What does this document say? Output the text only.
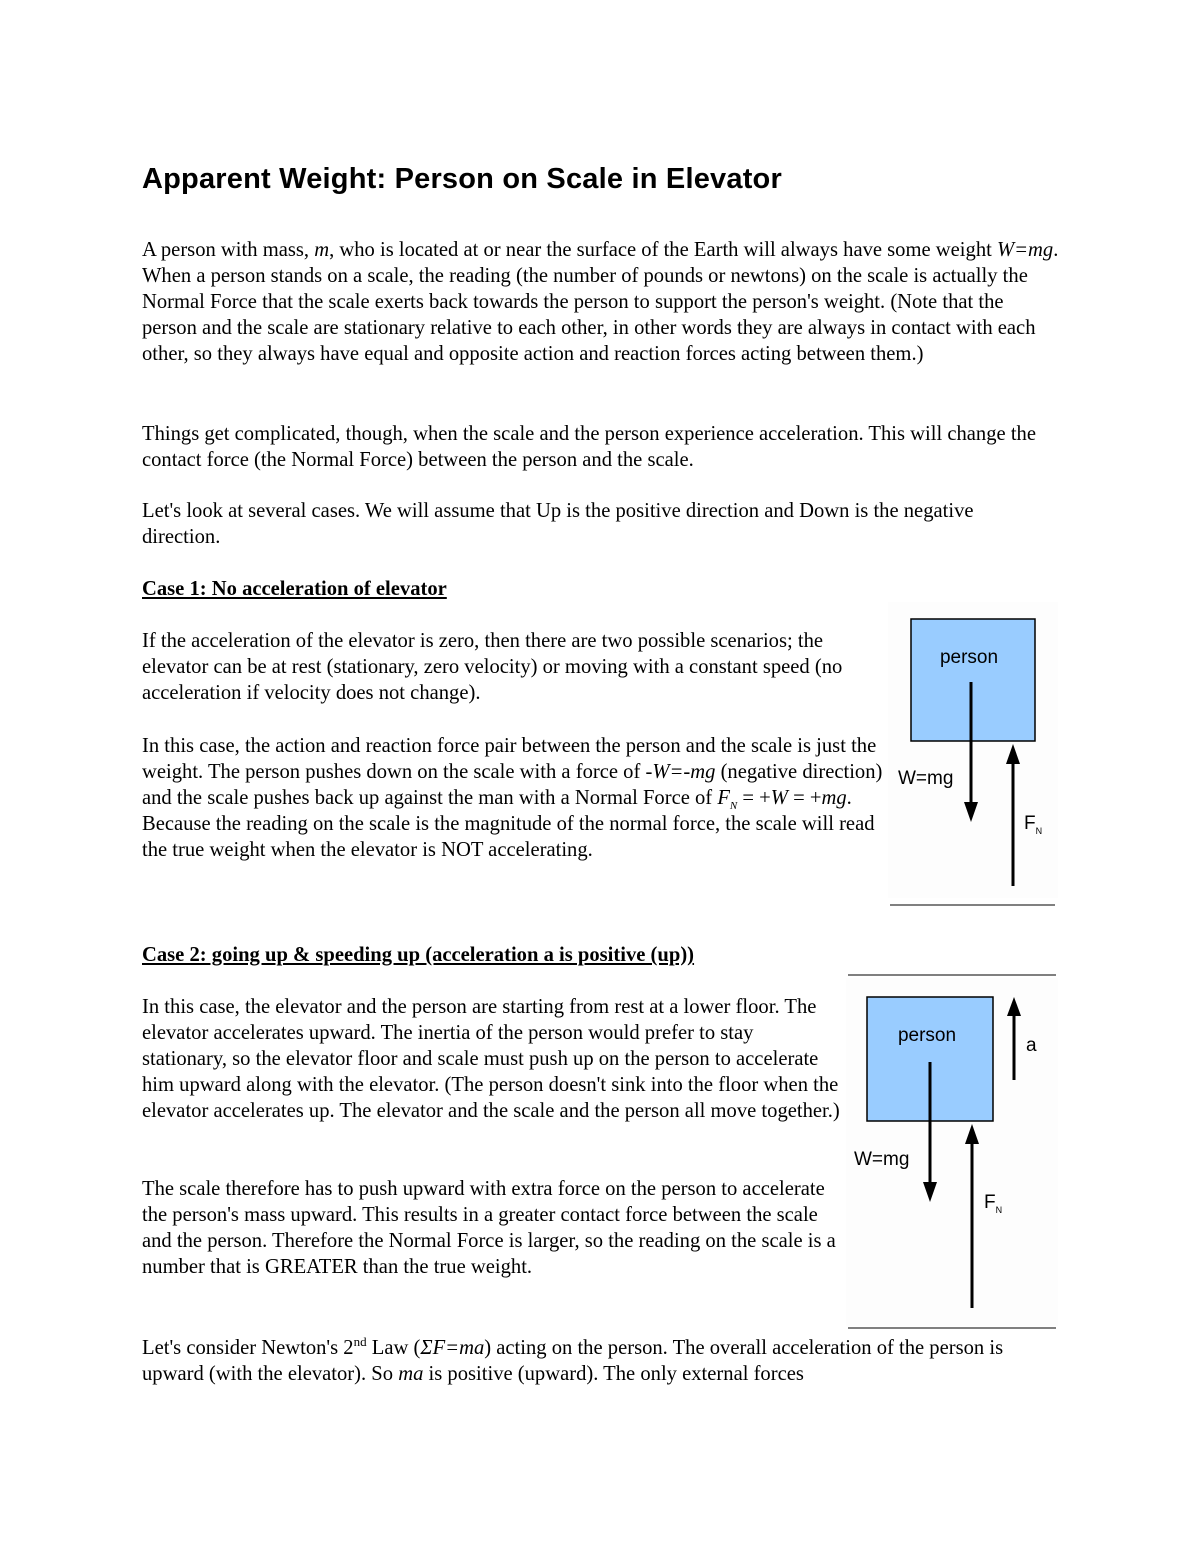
Apparent Weight: Person on Scale in Elevator

A person with mass, m, who is located at or near the surface of the Earth will always have some weight W=mg. When a person stands on a scale, the reading (the number of pounds or newtons) on the scale is actually the Normal Force that the scale exerts back towards the person to support the person's weight. (Note that the person and the scale are stationary relative to each other, in other words they are always in contact with each other, so they always have equal and opposite action and reaction forces acting between them.)

Things get complicated, though, when the scale and the person experience acceleration. This will change the contact force (the Normal Force) between the person and the scale.

Let's look at several cases. We will assume that Up is the positive direction and Down is the negative direction.

Case 1: No acceleration of elevator

If the acceleration of the elevator is zero, then there are two possible scenarios; the elevator can be at rest (stationary, zero velocity) or moving with a constant speed (no acceleration if velocity does not change).

In this case, the action and reaction force pair between the person and the scale is just the weight. The person pushes down on the scale with a force of -W=-mg (negative direction) and the scale pushes back up against the man with a Normal Force of $F_N = +W = +mg$. Because the reading on the scale is the magnitude of the normal force, the scale will read the true weight when the elevator is NOT accelerating.

person
W=mg
$F_N$
Case 2: going up & speeding up (acceleration a is positive (up))
person
W=mg
$F_N$
a

In this case, the elevator and the person are starting from rest at a lower floor. The elevator accelerates upward. The inertia of the person would prefer to stay stationary, so the elevator floor and scale must push up on the person to accelerate him upward along with the elevator. (The person doesn't sink into the floor when the elevator accelerates up. The elevator and the scale and the person all move together.)

The scale therefore has to push upward with extra force on the person to accelerate the person's mass upward. This results in a greater contact force between the scale and the person. Therefore the Normal Force is larger, so the reading on the scale is a number that is GREATER than the true weight.

Let's consider Newton's 2nd Law (ΣF=ma) acting on the person. The overall acceleration of the person is upward (with the elevator). So ma is positive (upward). The only external forces
